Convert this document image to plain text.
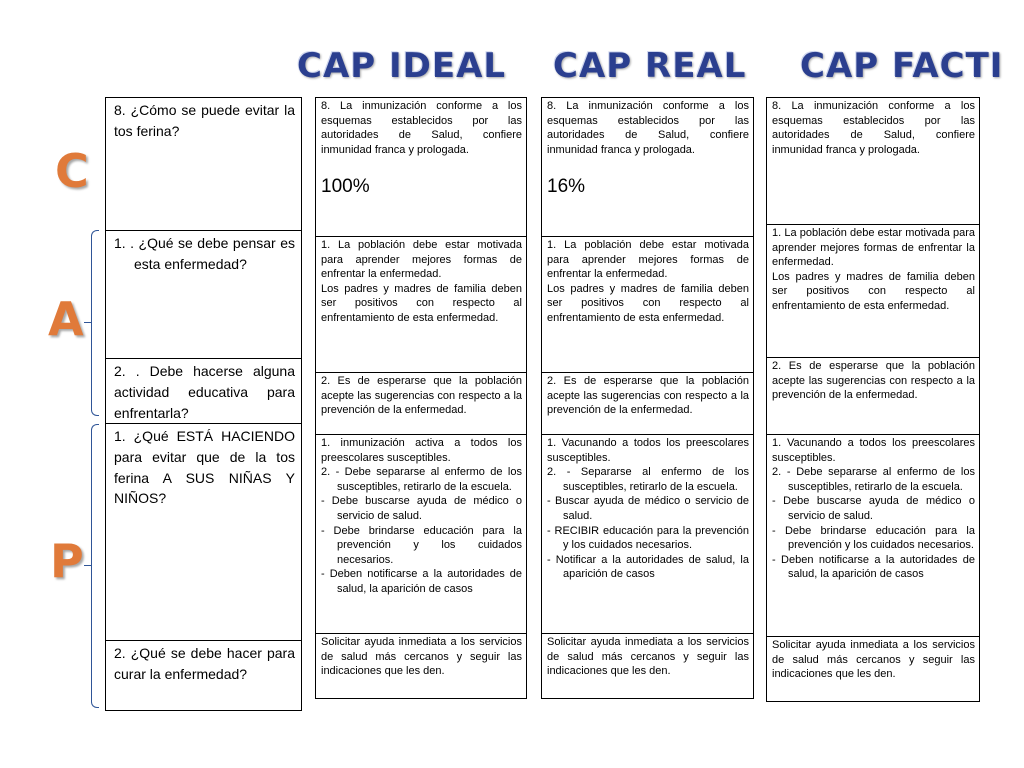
CAP IDEAL CAP REAL CAP FACTI
C
A
P

8. ¿Cómo se puede evitar la tos ferina?

1. . ¿Qué se debe pensar es esta enfermedad?

2. . Debe hacerse alguna actividad educativa para enfrentarla?

1. ¿Qué ESTÁ HACIENDO para evitar que de la tos ferina A SUS NIÑAS Y NIÑOS?

2. ¿Qué se debe hacer para curar la enfermedad?

8. La inmunización conforme a los esquemas establecidos por las autoridades de Salud, confiere inmunidad franca y prologada.

100%

1. La población debe estar motivada para aprender mejores formas de enfrentar la enfermedad.

Los padres y madres de familia deben ser positivos con respecto al enfrentamiento de esta enfermedad.

2. Es de esperarse que la población acepte las sugerencias con respecto a la prevención de la enfermedad.

1. inmunización activa a todos los preescolares susceptibles.

2. - Debe separarse al enfermo de los susceptibles, retirarlo de la escuela.

- Debe buscarse ayuda de médico o servicio de salud.

- Debe brindarse educación para la prevención y los cuidados necesarios.

- Deben notificarse a la autoridades de salud, la aparición de casos

Solicitar ayuda inmediata a los servicios de salud más cercanos y seguir las indicaciones que les den.

8. La inmunización conforme a los esquemas establecidos por las autoridades de Salud, confiere inmunidad franca y prologada.

16%

1. La población debe estar motivada para aprender mejores formas de enfrentar la enfermedad.

Los padres y madres de familia deben ser positivos con respecto al enfrentamiento de esta enfermedad.

2. Es de esperarse que la población acepte las sugerencias con respecto a la prevención de la enfermedad.

1. Vacunando a todos los preescolares susceptibles.

2. - Separarse al enfermo de los susceptibles, retirarlo de la escuela.

- Buscar ayuda de médico o servicio de salud.

- RECIBIR educación para la prevención y los cuidados necesarios.

- Notificar a la autoridades de salud, la aparición de casos

Solicitar ayuda inmediata a los servicios de salud más cercanos y seguir las indicaciones que les den.

8. La inmunización conforme a los esquemas establecidos por las autoridades de Salud, confiere inmunidad franca y prologada.

1. La población debe estar motivada para aprender mejores formas de enfrentar la enfermedad.

Los padres y madres de familia deben ser positivos con respecto al enfrentamiento de esta enfermedad.

2. Es de esperarse que la población acepte las sugerencias con respecto a la prevención de la enfermedad.

1. Vacunando a todos los preescolares susceptibles.

2. - Debe separarse al enfermo de los susceptibles, retirarlo de la escuela.

- Debe buscarse ayuda de médico o servicio de salud.

- Debe brindarse educación para la prevención y los cuidados necesarios.

- Deben notificarse a la autoridades de salud, la aparición de casos

Solicitar ayuda inmediata a los servicios de salud más cercanos y seguir las indicaciones que les den.
